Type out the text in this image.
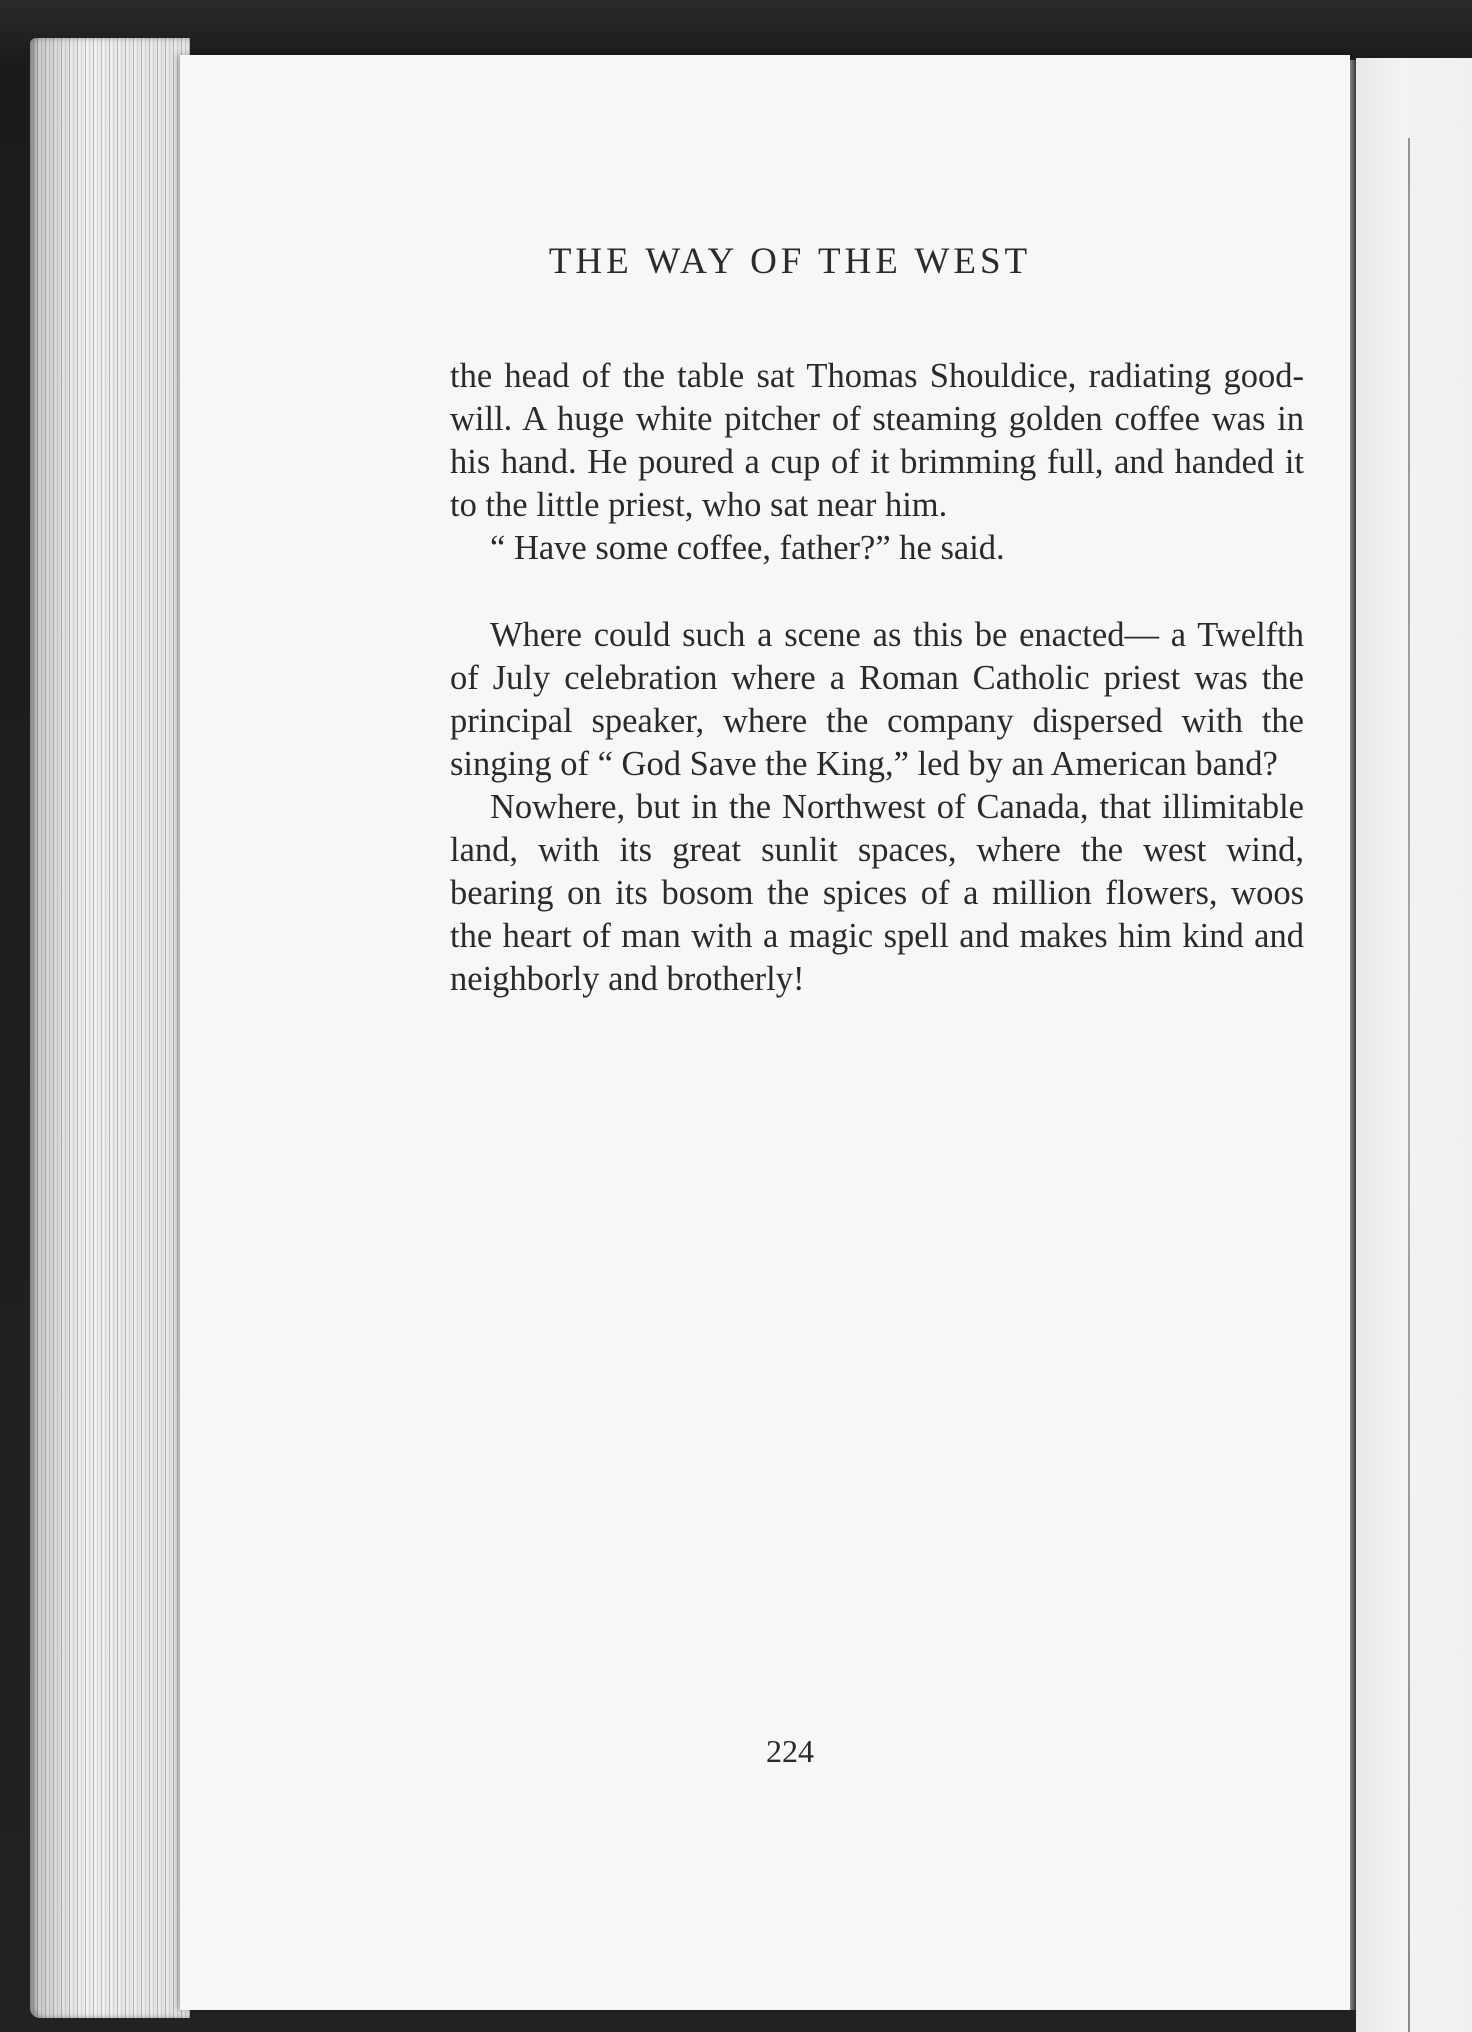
THE WAY OF THE WEST

the head of the table sat Thomas Shouldice, radiating good-will. A huge white pitcher of steaming golden coffee was in his hand. He poured a cup of it brimming full, and handed it to the little priest, who sat near him.

“ Have some coffee, father?” he said.

Where could such a scene as this be enacted— a Twelfth of July celebration where a Roman Catholic priest was the principal speaker, where the company dispersed with the singing of “ God Save the King,” led by an American band?

Nowhere, but in the Northwest of Canada, that illimitable land, with its great sunlit spaces, where the west wind, bearing on its bosom the spices of a million flowers, woos the heart of man with a magic spell and makes him kind and neighborly and brotherly!

224
